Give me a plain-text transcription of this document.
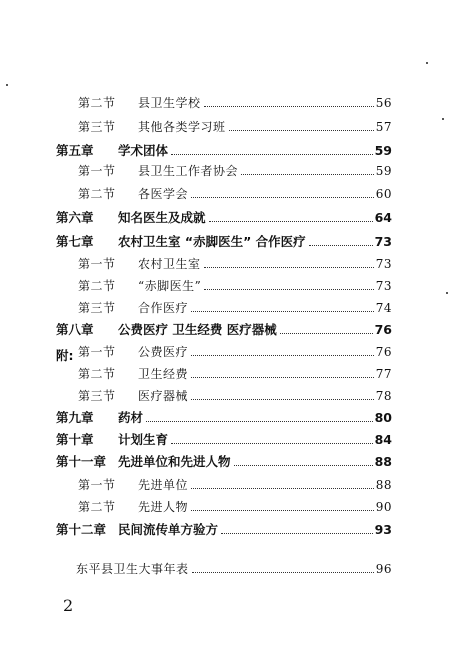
附:
2
第二节 县卫生学校	56
第三节 其他各类学习班	57
第五章 学术团体	59
第一节 县卫生工作者协会	59
第二节 各医学会	60
第六章 知名医生及成就	64
第七章 农村卫生室 “赤脚医生” 合作医疗	73
第一节 农村卫生室	73
第二节 “赤脚医生”	73
第三节 合作医疗	74
第八章 公费医疗 卫生经费 医疗器械	76
第一节 公费医疗	76
第二节 卫生经费	77
第三节 医疗器械	78
第九章 药材	80
第十章 计划生育	84
第十一章 先进单位和先进人物	88
第一节 先进单位	88
第二节 先进人物	90
第十二章 民间流传单方验方	93
东平县卫生大事年表	96
